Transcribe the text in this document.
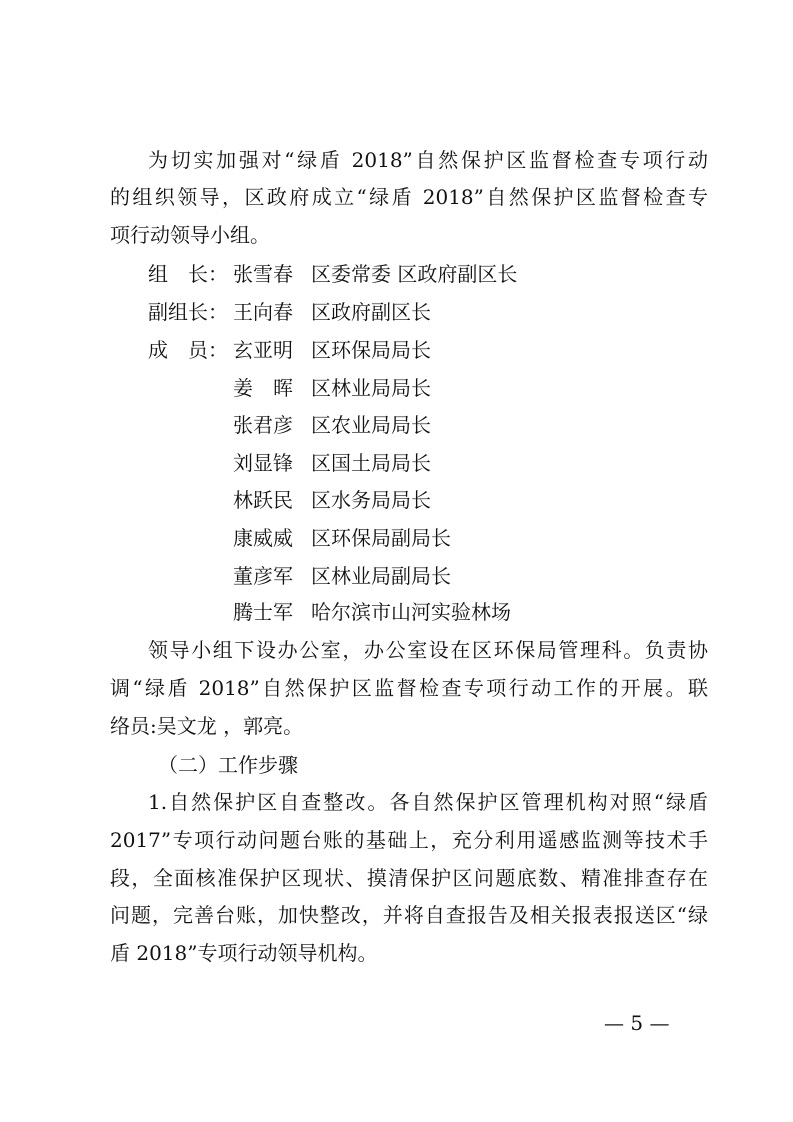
为切实加强对“绿盾 2018”自然保护区监督检查专项行动
的组织领导，区政府成立“绿盾 2018”自然保护区监督检查专
项行动领导小组。
组　长： 张雪春 区委常委 区政府副区长
副组长： 王向春 区政府副区长
成　员： 玄亚明 区环保局局长
姜　晖 区林业局局长
张君彦 区农业局局长
刘显锋 区国土局局长
林跃民 区水务局局长
康威威 区环保局副局长
董彦军 区林业局副局长
腾士军 哈尔滨市山河实验林场
领导小组下设办公室，办公室设在区环保局管理科。负责协
调“绿盾 2018”自然保护区监督检查专项行动工作的开展。联
络员:吴文龙 ，郭亮。
（二）工作步骤
1.自然保护区自查整改。各自然保护区管理机构对照“绿盾
2017”专项行动问题台账的基础上，充分利用遥感监测等技术手
段，全面核准保护区现状、摸清保护区问题底数、精准排查存在
问题，完善台账，加快整改，并将自查报告及相关报表报送区“绿
盾 2018”专项行动领导机构。
— 5 —
